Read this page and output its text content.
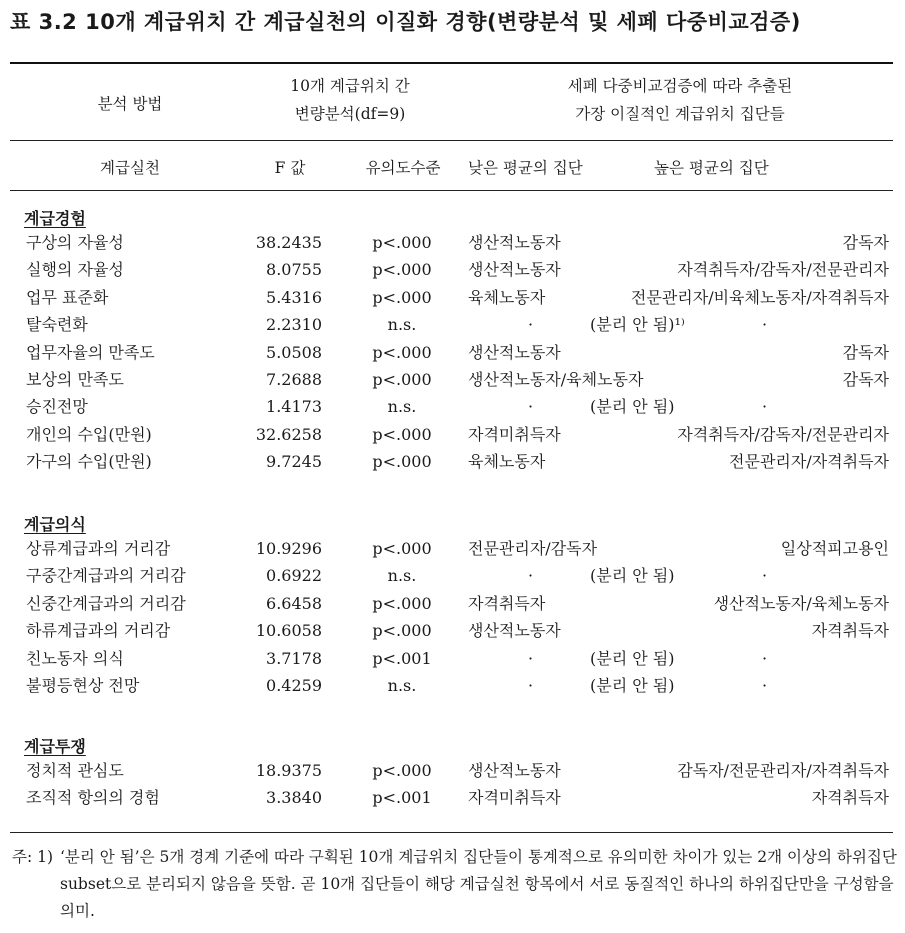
표 3.2 10개 계급위치 간 계급실천의 이질화 경향(변량분석 및 세페 다중비교검증)
분석 방법
10개 계급위치 간
변량분석(df=9)
세페 다중비교검증에 따라 추출된
가장 이질적인 계급위치 집단들
계급실천	F 값	유의도수준	낮은 평균의 집단	높은 평균의 집단
계급경험
구상의 자율성	38.2435	p<.000	생산적노동자	감독자
실행의 자율성	8.0755	p<.000	생산적노동자	자격취득자/감독자/전문관리자
업무 표준화	5.4316	p<.000	육체노동자	전문관리자/비육체노동자/자격취득자
탈숙련화	2.2310	n.s.	·	(분리 안 됨)¹⁾	·
업무자율의 만족도	5.0508	p<.000	생산적노동자	감독자
보상의 만족도	7.2688	p<.000	생산적노동자/육체노동자	감독자
승진전망	1.4173	n.s.	·	(분리 안 됨)	·
개인의 수입(만원)	32.6258	p<.000	자격미취득자	자격취득자/감독자/전문관리자
가구의 수입(만원)	9.7245	p<.000	육체노동자	전문관리자/자격취득자
계급의식
상류계급과의 거리감	10.9296	p<.000	전문관리자/감독자	일상적피고용인
구중간계급과의 거리감	0.6922	n.s.	·	(분리 안 됨)	·
신중간계급과의 거리감	6.6458	p<.000	자격취득자	생산적노동자/육체노동자
하류계급과의 거리감	10.6058	p<.000	생산적노동자	자격취득자
친노동자 의식	3.7178	p<.001	·	(분리 안 됨)	·
불평등현상 전망	0.4259	n.s.	·	(분리 안 됨)	·
계급투쟁
정치적 관심도	18.9375	p<.000	생산적노동자	감독자/전문관리자/자격취득자
조직적 항의의 경험	3.3840	p<.001	자격미취득자	자격취득자
주: 1) ‘분리 안 됨’은 5개 경계 기준에 따라 구획된 10개 계급위치 집단들이 통계적으로 유의미한 차이가 있는 2개 이상의 하위집단 subset으로 분리되지 않음을 뜻함. 곧 10개 집단들이 해당 계급실천 항목에서 서로 동질적인 하나의 하위집단만을 구성함을 의미.
